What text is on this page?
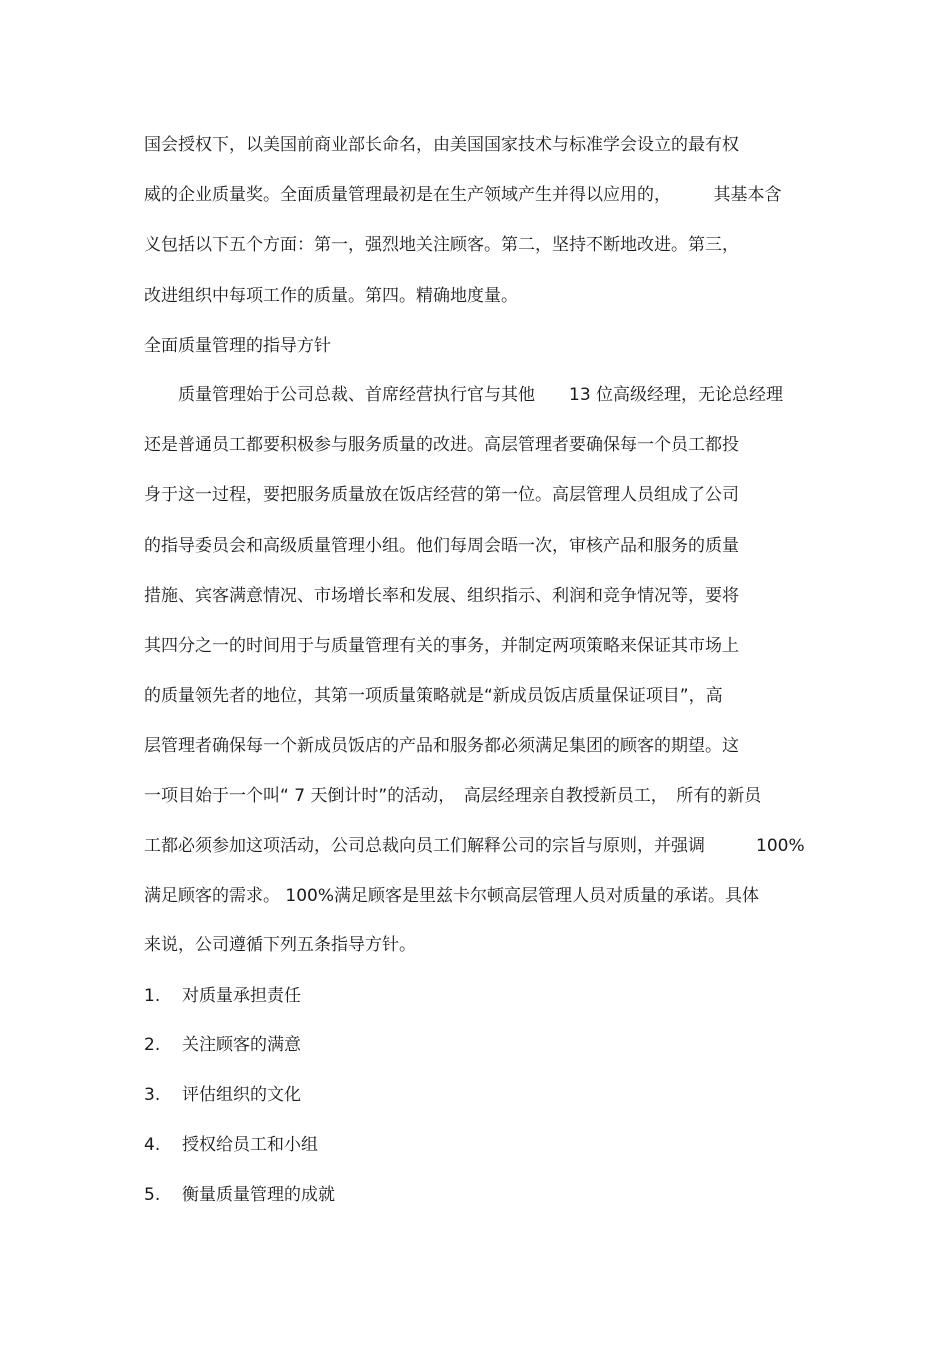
国会授权下，以美国前商业部长命名，由美国国家技术与标准学会设立的最有权
威的企业质量奖。全面质量管理最初是在生产领域产生并得以应用的，　　　其基本含
义包括以下五个方面：第一，强烈地关注顾客。第二，坚持不断地改进。第三，
改进组织中每项工作的质量。第四。精确地度量。
全面质量管理的指导方针
　　质量管理始于公司总裁、首席经营执行官与其他　　13 位高级经理，无论总经理
还是普通员工都要积极参与服务质量的改进。高层管理者要确保每一个员工都投
身于这一过程，要把服务质量放在饭店经营的第一位。高层管理人员组成了公司
的指导委员会和高级质量管理小组。他们每周会晤一次，审核产品和服务的质量
措施、宾客满意情况、市场增长率和发展、组织指示、利润和竞争情况等，要将
其四分之一的时间用于与质量管理有关的事务，并制定两项策略来保证其市场上
的质量领先者的地位，其第一项质量策略就是“新成员饭店质量保证项目”，高
层管理者确保每一个新成员饭店的产品和服务都必须满足集团的顾客的期望。这
一项目始于一个叫“ 7 天倒计时”的活动，　高层经理亲自教授新员工，　所有的新员
工都必须参加这项活动，公司总裁向员工们解释公司的宗旨与原则，并强调　　　100%
满足顾客的需求。 100%满足顾客是里兹卡尔顿高层管理人员对质量的承诺。具体
来说，公司遵循下列五条指导方针。
1. 对质量承担责任
2. 关注顾客的满意
3. 评估组织的文化
4. 授权给员工和小组
5. 衡量质量管理的成就
